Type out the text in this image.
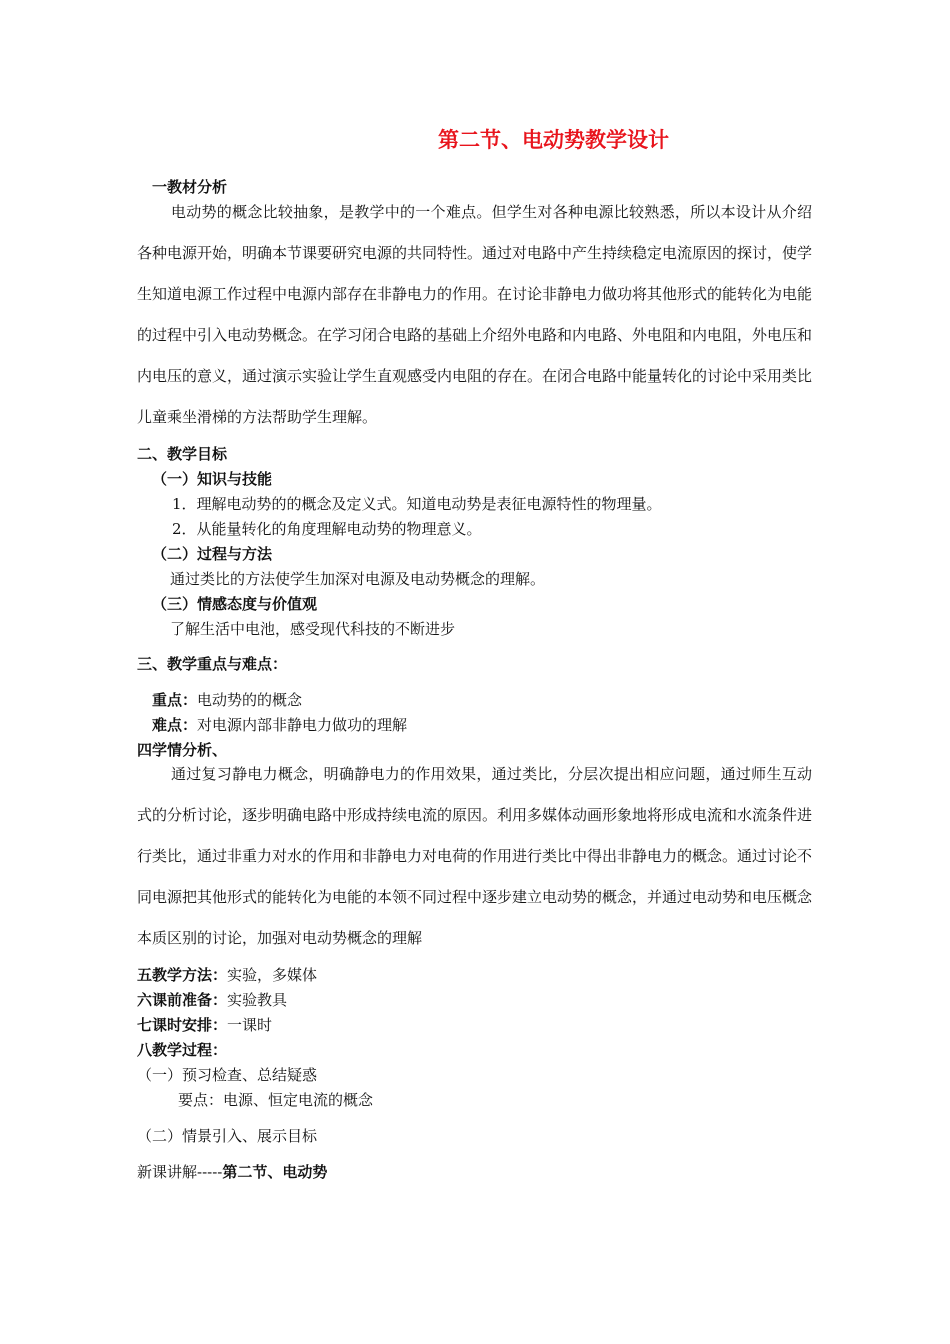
第二节、电动势教学设计
一教材分析
电动势的概念比较抽象，是教学中的一个难点。但学生对各种电源比较熟悉，所以本设计从介绍各种电源开始，明确本节课要研究电源的共同特性。通过对电路中产生持续稳定电流原因的探讨，使学生知道电源工作过程中电源内部存在非静电力的作用。在讨论非静电力做功将其他形式的能转化为电能的过程中引入电动势概念。在学习闭合电路的基础上介绍外电路和内电路、外电阻和内电阻，外电压和内电压的意义，通过演示实验让学生直观感受内电阻的存在。在闭合电路中能量转化的讨论中采用类比儿童乘坐滑梯的方法帮助学生理解。
二、教学目标
（一）知识与技能
1．理解电动势的的概念及定义式。知道电动势是表征电源特性的物理量。
2．从能量转化的角度理解电动势的物理意义。
（二）过程与方法
通过类比的方法使学生加深对电源及电动势概念的理解。
（三）情感态度与价值观
了解生活中电池，感受现代科技的不断进步
三、教学重点与难点：
重点：电动势的的概念
难点：对电源内部非静电力做功的理解
四学情分析、
通过复习静电力概念，明确静电力的作用效果，通过类比，分层次提出相应问题，通过师生互动式的分析讨论，逐步明确电路中形成持续电流的原因。利用多媒体动画形象地将形成电流和水流条件进行类比，通过非重力对水的作用和非静电力对电荷的作用进行类比中得出非静电力的概念。通过讨论不同电源把其他形式的能转化为电能的本领不同过程中逐步建立电动势的概念，并通过电动势和电压概念本质区别的讨论，加强对电动势概念的理解
五教学方法：实验，多媒体
六课前准备：实验教具
七课时安排：一课时
八教学过程：
（一）预习检查、总结疑惑
要点：电源、恒定电流的概念
（二）情景引入、展示目标
新课讲解-----第二节、电动势
